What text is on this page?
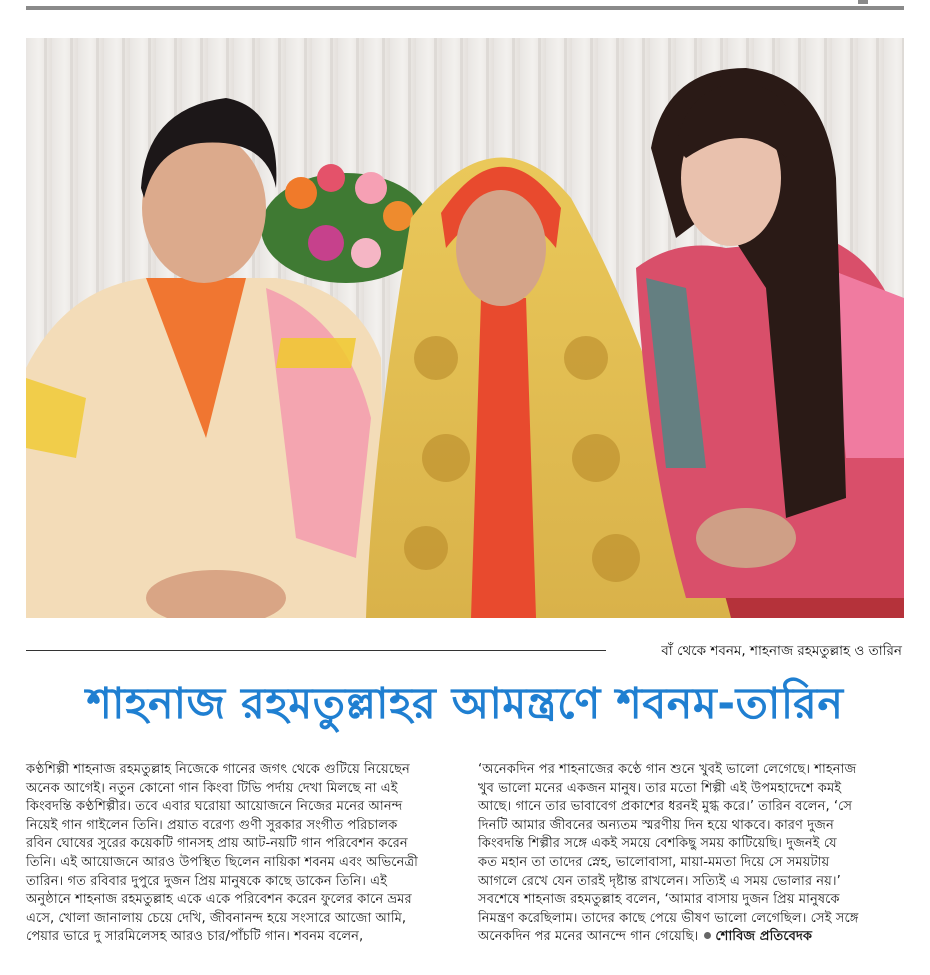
বাঁ থেকে শবনম, শাহনাজ রহমতুল্লাহ ও তারিন
শাহনাজ রহমতুল্লাহর আমন্ত্রণে শবনম-তারিন

কণ্ঠশিল্পী শাহনাজ রহমতুল্লাহ নিজেকে গানের জগৎ থেকে গুটিয়ে নিয়েছেন

অনেক আগেই। নতুন কোনো গান কিংবা টিভি পর্দায় দেখা মিলছে না এই

কিংবদন্তি কণ্ঠশিল্পীর। তবে এবার ঘরোয়া আয়োজনে নিজের মনের আনন্দ

নিয়েই গান গাইলেন তিনি। প্রয়াত বরেণ্য গুণী সুরকার সংগীত পরিচালক

রবিন ঘোষের সুরের কয়েকটি গানসহ প্রায় আট-নয়টি গান পরিবেশন করেন

তিনি। এই আয়োজনে আরও উপস্থিত ছিলেন নায়িকা শবনম এবং অভিনেত্রী

তারিন। গত রবিবার দুপুরে দুজন প্রিয় মানুষকে কাছে ডাকেন তিনি। এই

অনুষ্ঠানে শাহনাজ রহমতুল্লাহ একে একে পরিবেশন করেন ফুলের কানে ভ্রমর

এসে, খোলা জানালায় চেয়ে দেখি, জীবনানন্দ হয়ে সংসারে আজো আমি,

পেয়ার ভারে দু সারমিলেসহ আরও চার/পাঁচটি গান। শবনম বলেন,

‘অনেকদিন পর শাহনাজের কণ্ঠে গান শুনে খুবই ভালো লেগেছে। শাহনাজ

খুব ভালো মনের একজন মানুষ। তার মতো শিল্পী এই উপমহাদেশে কমই

আছে। গানে তার ভাবাবেগ প্রকাশের ধরনই মুগ্ধ করে।’ তারিন বলেন, ‘সে

দিনটি আমার জীবনের অন্যতম স্মরণীয় দিন হয়ে থাকবে। কারণ দুজন

কিংবদন্তি শিল্পীর সঙ্গে একই সময়ে বেশকিছু সময় কাটিয়েছি। দুজনই যে

কত মহান তা তাদের স্নেহ, ভালোবাসা, মায়া-মমতা দিয়ে সে সময়টায়

আগলে রেখে যেন তারই দৃষ্টান্ত রাখলেন। সত্যিই এ সময় ভোলার নয়।’

সবশেষে শাহনাজ রহমতুল্লাহ বলেন, ‘আমার বাসায় দুজন প্রিয় মানুষকে

নিমন্ত্রণ করেছিলাম। তাদের কাছে পেয়ে ভীষণ ভালো লেগেছিল। সেই সঙ্গে

অনেকদিন পর মনের আনন্দে গান গেয়েছি। শোবিজ প্রতিবেদক
